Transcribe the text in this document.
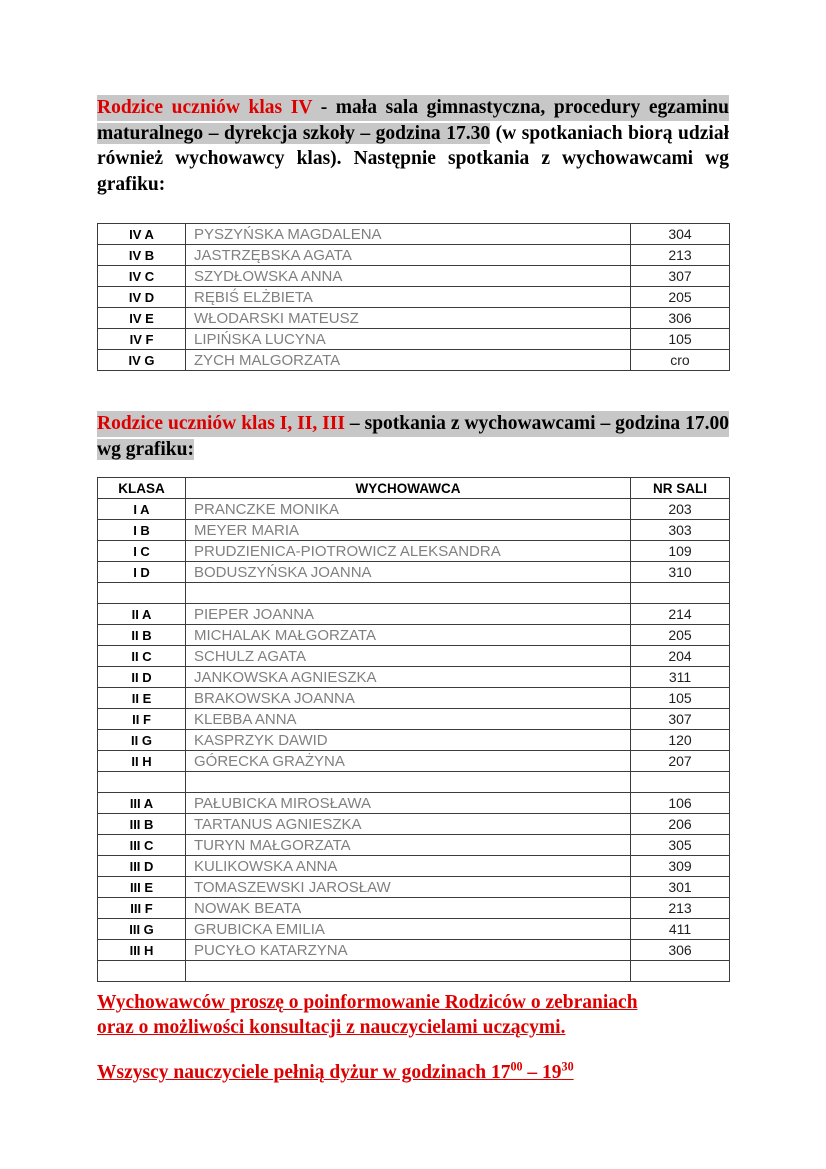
Rodzice uczniów klas IV - mała sala gimnastyczna, procedury egzaminu
maturalnego – dyrekcja szkoły – godzina 17.30 (w spotkaniach biorą udział
również wychowawcy klas). Następnie spotkania z wychowawcami wg
grafiku:
IV A	PYSZYŃSKA MAGDALENA	304
IV B	JASTRZĘBSKA AGATA	213
IV C	SZYDŁOWSKA ANNA	307
IV D	RĘBIŚ ELŻBIETA	205
IV E	WŁODARSKI MATEUSZ	306
IV F	LIPIŃSKA LUCYNA	105
IV G	ZYCH MALGORZATA	cro
Rodzice uczniów klas I, II, III – spotkania z wychowawcami – godzina 17.00
wg grafiku:
KLASA	WYCHOWAWCA	NR SALI
I A	PRANCZKE MONIKA	203
I B	MEYER MARIA	303
I C	PRUDZIENICA-PIOTROWICZ ALEKSANDRA	109
I D	BODUSZYŃSKA JOANNA	310

II A	PIEPER JOANNA	214
II B	MICHALAK MAŁGORZATA	205
II C	SCHULZ AGATA	204
II D	JANKOWSKA AGNIESZKA	311
II E	BRAKOWSKA JOANNA	105
II F	KLEBBA ANNA	307
II G	KASPRZYK DAWID	120
II H	GÓRECKA GRAŻYNA	207

III A	PAŁUBICKA MIROSŁAWA	106
III B	TARTANUS AGNIESZKA	206
III C	TURYN MAŁGORZATA	305
III D	KULIKOWSKA ANNA	309
III E	TOMASZEWSKI JAROSŁAW	301
III F	NOWAK BEATA	213
III G	GRUBICKA EMILIA	411
III H	PUCYŁO KATARZYNA	306

Wychowawców proszę o poinformowanie Rodziców o zebraniach
oraz o możliwości konsultacji z nauczycielami uczącymi.
Wszyscy nauczyciele pełnią dyżur w godzinach $17^{00} - 19^{30}$
